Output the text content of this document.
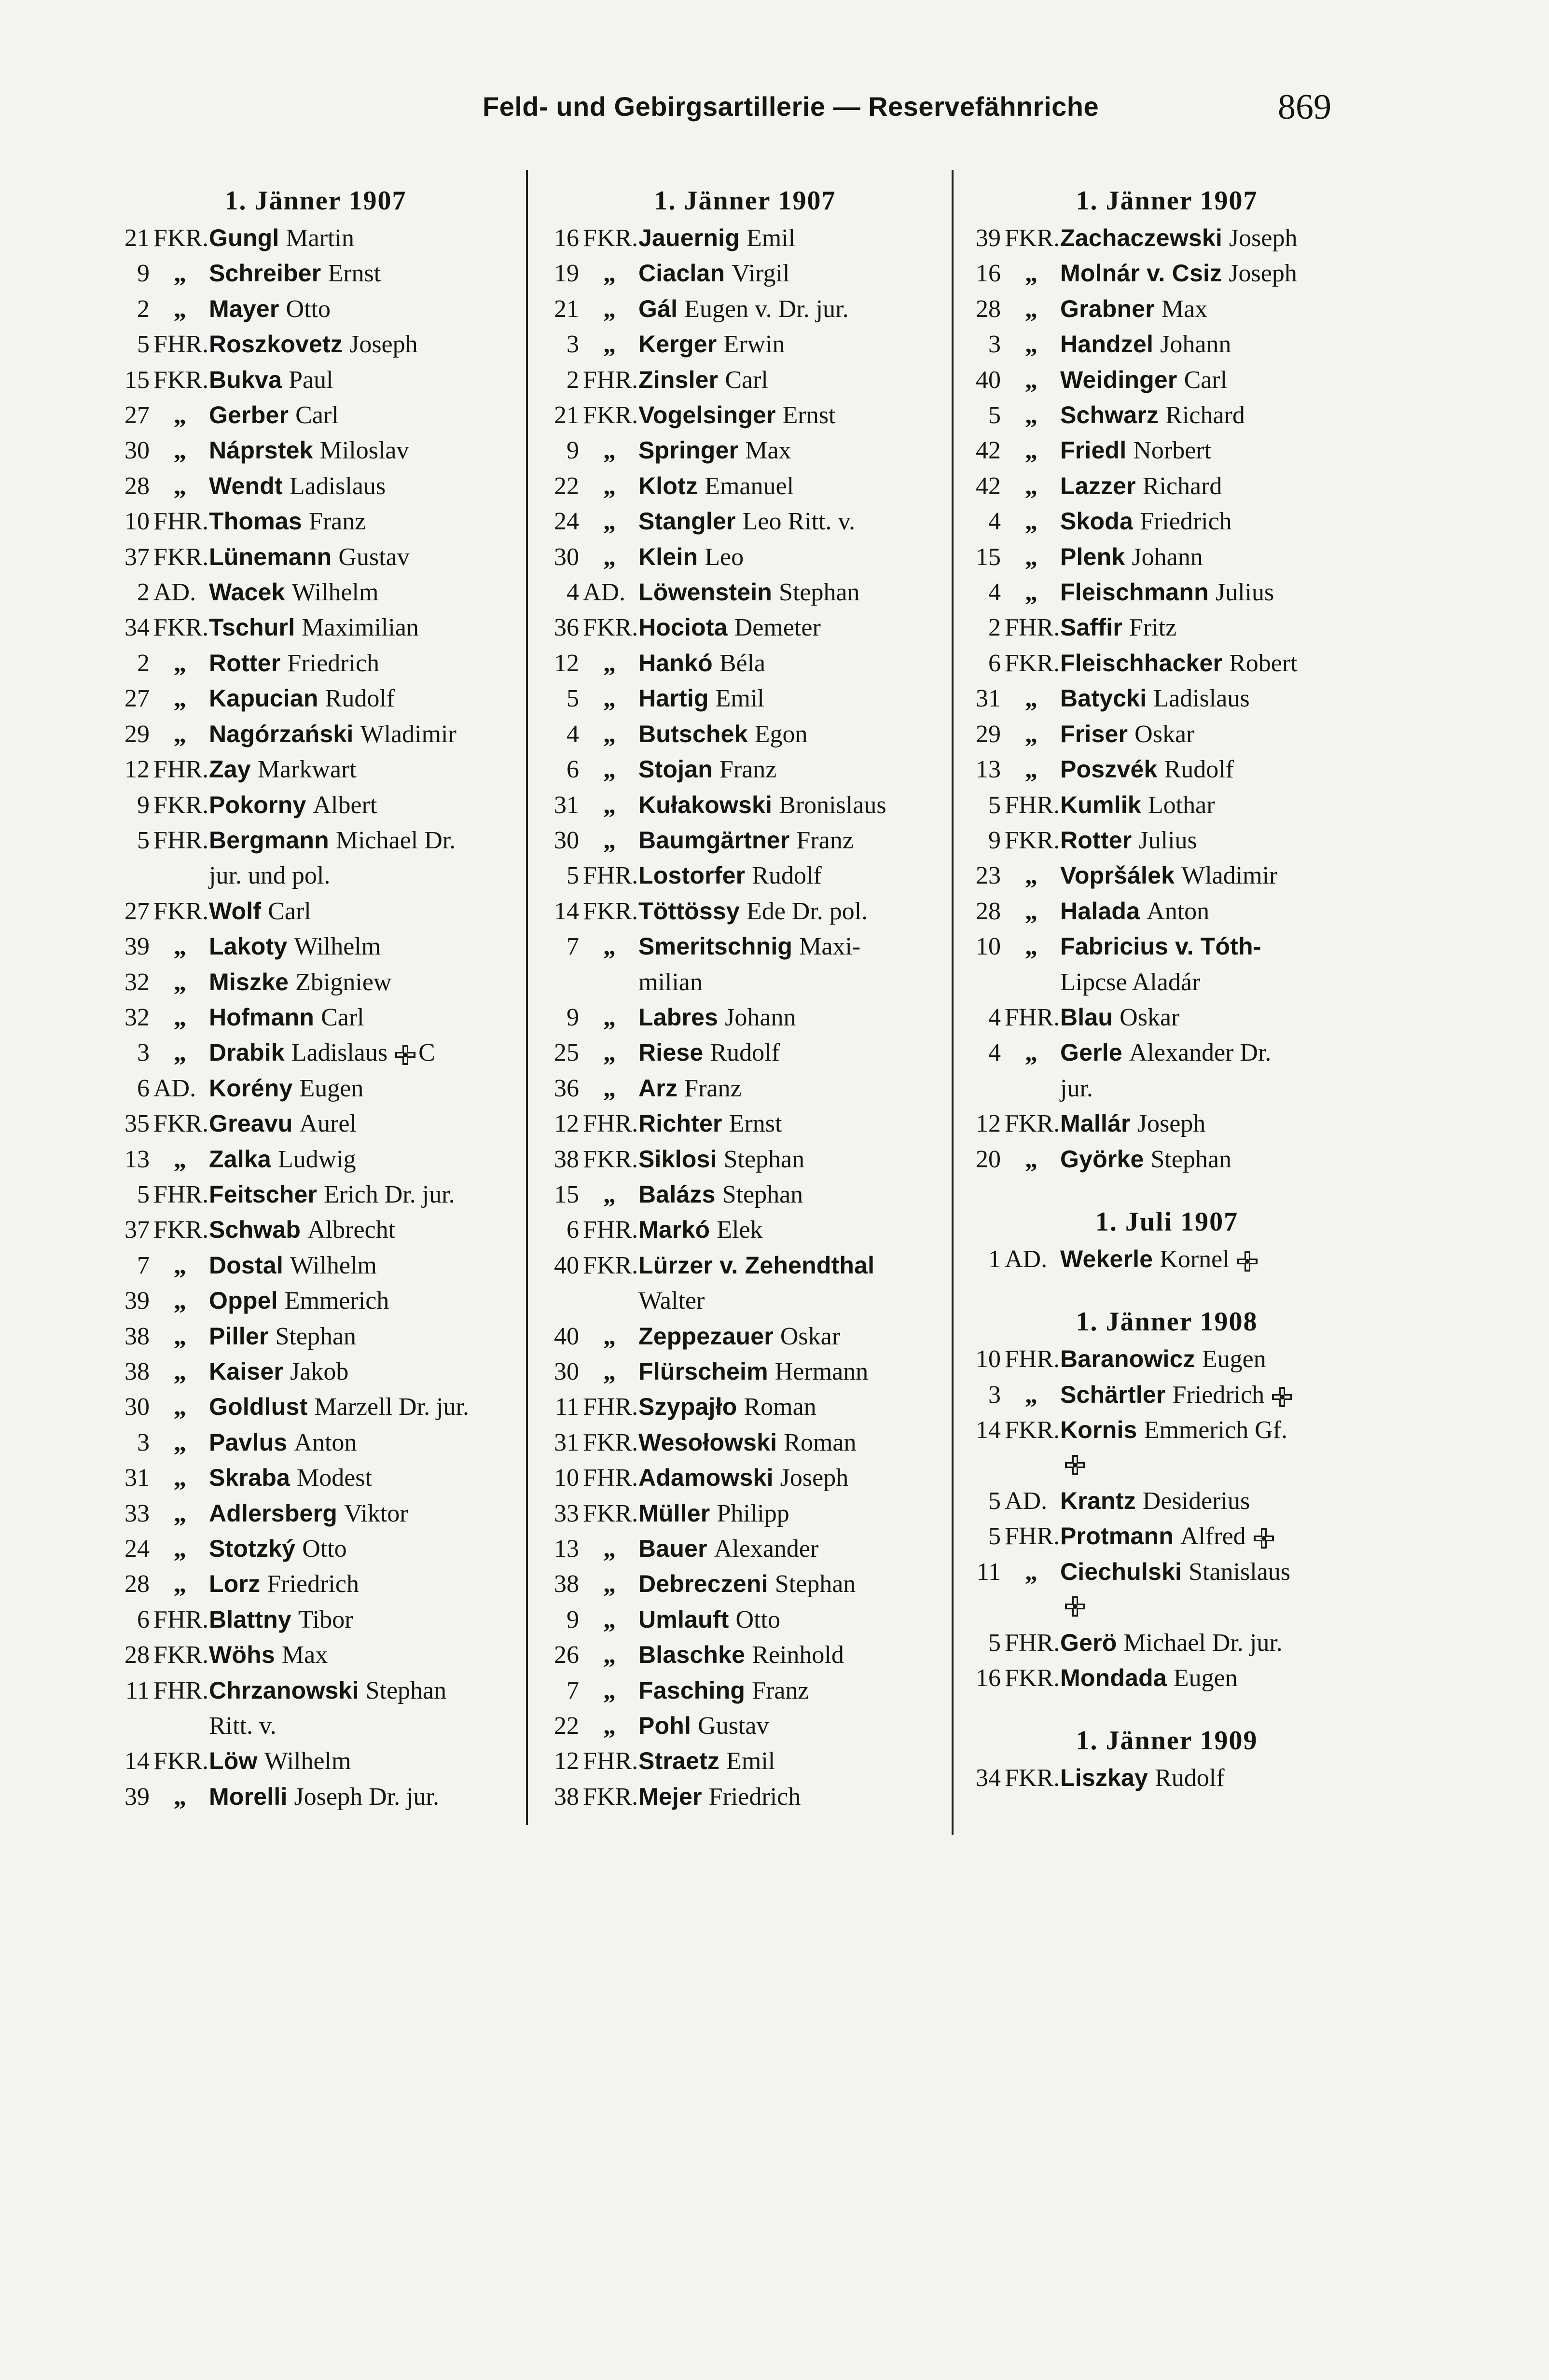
Feld- und Gebirgsartillerie — Reservefähnriche	869
1. Jänner 1907
21 FKR. Gungl Martin
9 „ Schreiber Ernst
2 „ Mayer Otto
5 FHR. Roszkovetz Joseph
15 FKR. Bukva Paul
27 „ Gerber Carl
30 „ Náprstek Miloslav
28 „ Wendt Ladislaus
10 FHR. Thomas Franz
37 FKR. Lünemann Gustav
2 AD. Wacek Wilhelm
34 FKR. Tschurl Maximilian
2 „ Rotter Friedrich
27 „ Kapucian Rudolf
29 „ Nagórzański Wladimir
12 FHR. Zay Markwart
9 FKR. Pokorny Albert
5 FHR. Bergmann Michael Dr.
jur. und pol.
27 FKR. Wolf Carl
39 „ Lakoty Wilhelm
32 „ Miszke Zbigniew
32 „ Hofmann Carl
3 „ Drabik Ladislaus C
6 AD. Korény Eugen
35 FKR. Greavu Aurel
13 „ Zalka Ludwig
5 FHR. Feitscher Erich Dr. jur.
37 FKR. Schwab Albrecht
7 „ Dostal Wilhelm
39 „ Oppel Emmerich
38 „ Piller Stephan
38 „ Kaiser Jakob
30 „ Goldlust Marzell Dr. jur.
3 „ Pavlus Anton
31 „ Skraba Modest
33 „ Adlersberg Viktor
24 „ Stotzký Otto
28 „ Lorz Friedrich
6 FHR. Blattny Tibor
28 FKR. Wöhs Max
11 FHR. Chrzanowski Stephan
Ritt. v.
14 FKR. Löw Wilhelm
39 „ Morelli Joseph Dr. jur.
1. Jänner 1907
16 FKR. Jauernig Emil
19 „ Ciaclan Virgil
21 „ Gál Eugen v. Dr. jur.
3 „ Kerger Erwin
2 FHR. Zinsler Carl
21 FKR. Vogelsinger Ernst
9 „ Springer Max
22 „ Klotz Emanuel
24 „ Stangler Leo Ritt. v.
30 „ Klein Leo
4 AD. Löwenstein Stephan
36 FKR. Hociota Demeter
12 „ Hankó Béla
5 „ Hartig Emil
4 „ Butschek Egon
6 „ Stojan Franz
31 „ Kułakowski Bronislaus
30 „ Baumgärtner Franz
5 FHR. Lostorfer Rudolf
14 FKR. Töttössy Ede Dr. pol.
7 „ Smeritschnig Maxi-
milian
9 „ Labres Johann
25 „ Riese Rudolf
36 „ Arz Franz
12 FHR. Richter Ernst
38 FKR. Siklosi Stephan
15 „ Balázs Stephan
6 FHR. Markó Elek
40 FKR. Lürzer v. Zehendthal
Walter
40 „ Zeppezauer Oskar
30 „ Flürscheim Hermann
11 FHR. Szypajło Roman
31 FKR. Wesołowski Roman
10 FHR. Adamowski Joseph
33 FKR. Müller Philipp
13 „ Bauer Alexander
38 „ Debreczeni Stephan
9 „ Umlauft Otto
26 „ Blaschke Reinhold
7 „ Fasching Franz
22 „ Pohl Gustav
12 FHR. Straetz Emil
38 FKR. Mejer Friedrich
1. Jänner 1907
39 FKR. Zachaczewski Joseph
16 „ Molnár v. Csiz Joseph
28 „ Grabner Max
3 „ Handzel Johann
40 „ Weidinger Carl
5 „ Schwarz Richard
42 „ Friedl Norbert
42 „ Lazzer Richard
4 „ Skoda Friedrich
15 „ Plenk Johann
4 „ Fleischmann Julius
2 FHR. Saffir Fritz
6 FKR. Fleischhacker Robert
31 „ Batycki Ladislaus
29 „ Friser Oskar
13 „ Poszvék Rudolf
5 FHR. Kumlik Lothar
9 FKR. Rotter Julius
23 „ Vopršálek Wladimir
28 „ Halada Anton
10 „ Fabricius v. Tóth-
Lipcse Aladár
4 FHR. Blau Oskar
4 „ Gerle Alexander Dr.
jur.
12 FKR. Mallár Joseph
20 „ Györke Stephan
1. Juli 1907
1 AD. Wekerle Kornel
1. Jänner 1908
10 FHR. Baranowicz Eugen
3 „ Schärtler Friedrich
14 FKR. Kornis Emmerich Gf.
5 AD. Krantz Desiderius
5 FHR. Protmann Alfred
11 „ Ciechulski Stanislaus
5 FHR. Gerö Michael Dr. jur.
16 FKR. Mondada Eugen
1. Jänner 1909
34 FKR. Liszkay Rudolf
